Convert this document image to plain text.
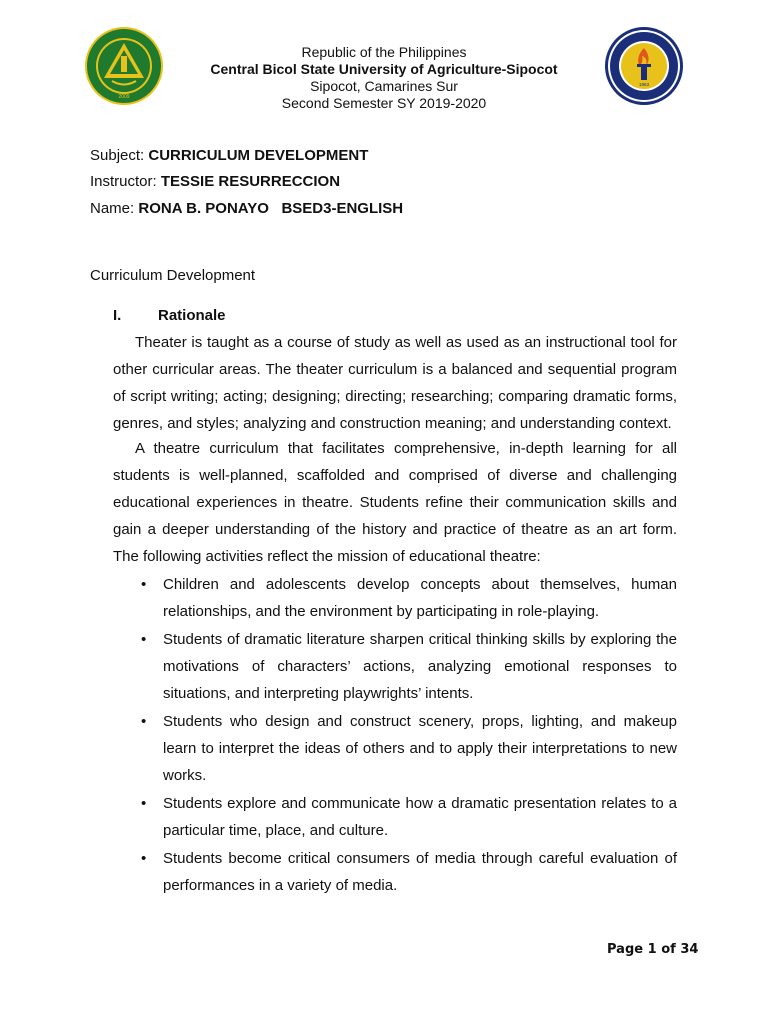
2009
1963
Republic of the Philippines
Central Bicol State University of Agriculture-Sipocot
Sipocot, Camarines Sur
Second Semester SY 2019-2020
Subject: CURRICULUM DEVELOPMENT
Instructor: TESSIE RESURRECCION
Name: RONA B. PONAYO   BSED3-ENGLISH
Curriculum Development
I. Rationale

Theater is taught as a course of study as well as used as an instructional tool for other curricular areas. The theater curriculum is a balanced and sequential program of script writing; acting; designing; directing; researching; comparing dramatic forms, genres, and styles; analyzing and construction meaning; and understanding context.

A theatre curriculum that facilitates comprehensive, in-depth learning for all students is well-planned, scaffolded and comprised of diverse and challenging educational experiences in theatre. Students refine their communication skills and gain a deeper understanding of the history and practice of theatre as an art form. The following activities reflect the mission of educational theatre:

• Children and adolescents develop concepts about themselves, human relationships, and the environment by participating in role-playing.
• Students of dramatic literature sharpen critical thinking skills by exploring the motivations of characters’ actions, analyzing emotional responses to situations, and interpreting playwrights’ intents.
• Students who design and construct scenery, props, lighting, and makeup learn to interpret the ideas of others and to apply their interpretations to new works.
• Students explore and communicate how a dramatic presentation relates to a particular time, place, and culture.
• Students become critical consumers of media through careful evaluation of performances in a variety of media.
Page 1 of 34
